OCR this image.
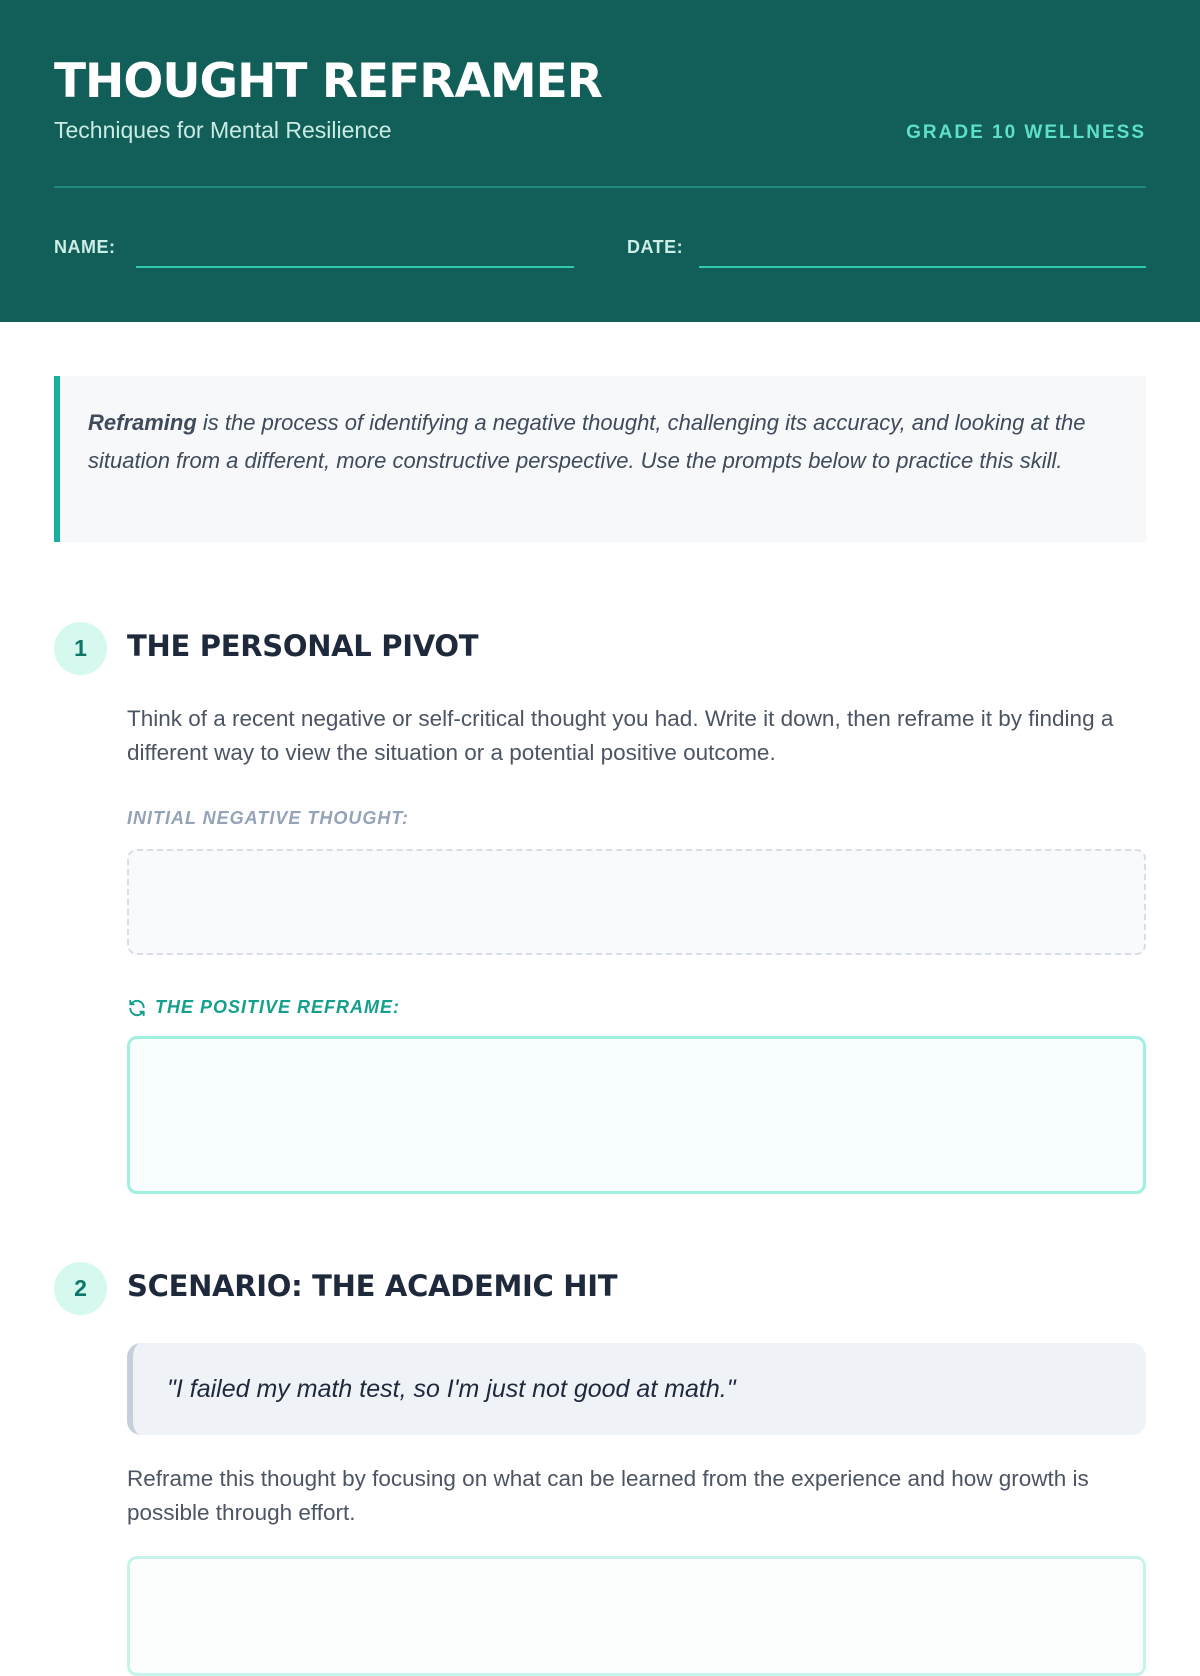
THOUGHT REFRAMER
Techniques for Mental Resilience	GRADE 10 WELLNESS
NAME:	DATE:
Reframing is the process of identifying a negative thought, challenging its accuracy, and looking at the situation from a different, more constructive perspective. Use the prompts below to practice this skill.
1	THE PERSONAL PIVOT
Think of a recent negative or self-critical thought you had. Write it down, then reframe it by finding a different way to view the situation or a potential positive outcome.
INITIAL NEGATIVE THOUGHT:
THE POSITIVE REFRAME:
2	SCENARIO: THE ACADEMIC HIT
"I failed my math test, so I'm just not good at math."
Reframe this thought by focusing on what can be learned from the experience and how growth is possible through effort.
